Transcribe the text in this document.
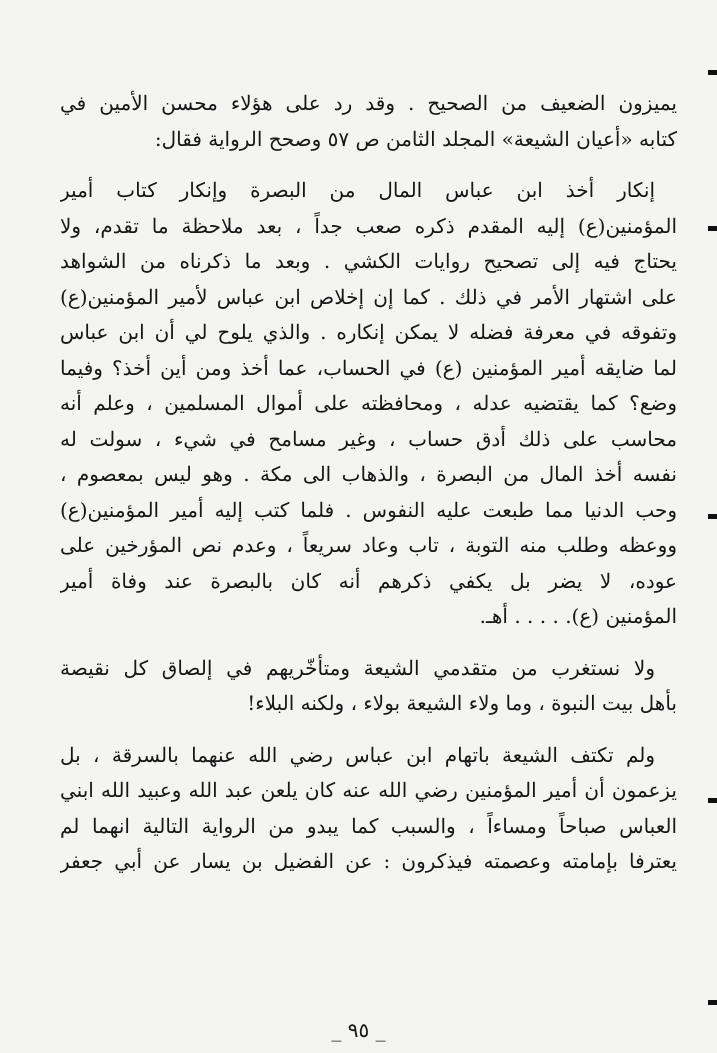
يميزون الضعيف من الصحيح . وقد رد على هؤلاء محسن الأمين في
كتابه «أعيان الشيعة» المجلد الثامن ص ٥٧ وصحح الرواية فقال:
إنكار أخذ ابن عباس المال من البصرة وإنكار كتاب أمير
المؤمنين(ع) إليه المقدم ذكره صعب جداً ، بعد ملاحظة ما تقدم، ولا
يحتاج فيه إلى تصحيح روايات الكشي . وبعد ما ذكرناه من الشواهد
على اشتهار الأمر في ذلك . كما إن إخلاص ابن عباس لأمير المؤمنين(ع)
وتفوقه في معرفة فضله لا يمكن إنكاره . والذي يلوح لي أن ابن عباس
لما ضايقه أمير المؤمنين (ع) في الحساب، عما أخذ ومن أين أخذ؟ وفيما
وضع؟ كما يقتضيه عدله ، ومحافظته على أموال المسلمين ، وعلم أنه
محاسب على ذلك أدق حساب ، وغير مسامح في شيء ، سولت له
نفسه أخذ المال من البصرة ، والذهاب الى مكة . وهو ليس بمعصوم ،
وحب الدنيا مما طبعت عليه النفوس . فلما كتب إليه أمير المؤمنين(ع)
ووعظه وطلب منه التوبة ، تاب وعاد سريعاً ، وعدم نص المؤرخين على
عوده، لا يضر بل يكفي ذكرهم أنه كان بالبصرة عند وفاة أمير
المؤمنين (ع). . . . . أهـ.
ولا نستغرب من متقدمي الشيعة ومتأخّريهم في إلصاق كل نقيصة
بأهل بيت النبوة ، وما ولاء الشيعة بولاء ، ولكنه البلاء!
ولم تكتف الشيعة باتهام ابن عباس رضي الله عنهما بالسرقة ، بل
يزعمون أن أمير المؤمنين رضي الله عنه كان يلعن عبد الله وعبيد الله ابني
العباس صباحاً ومساءاً ، والسبب كما يبدو من الرواية التالية انهما لم
يعترفا بإمامته وعصمته فيذكرون : عن الفضيل بن يسار عن أبي جعفر
_ ٩٥ _
